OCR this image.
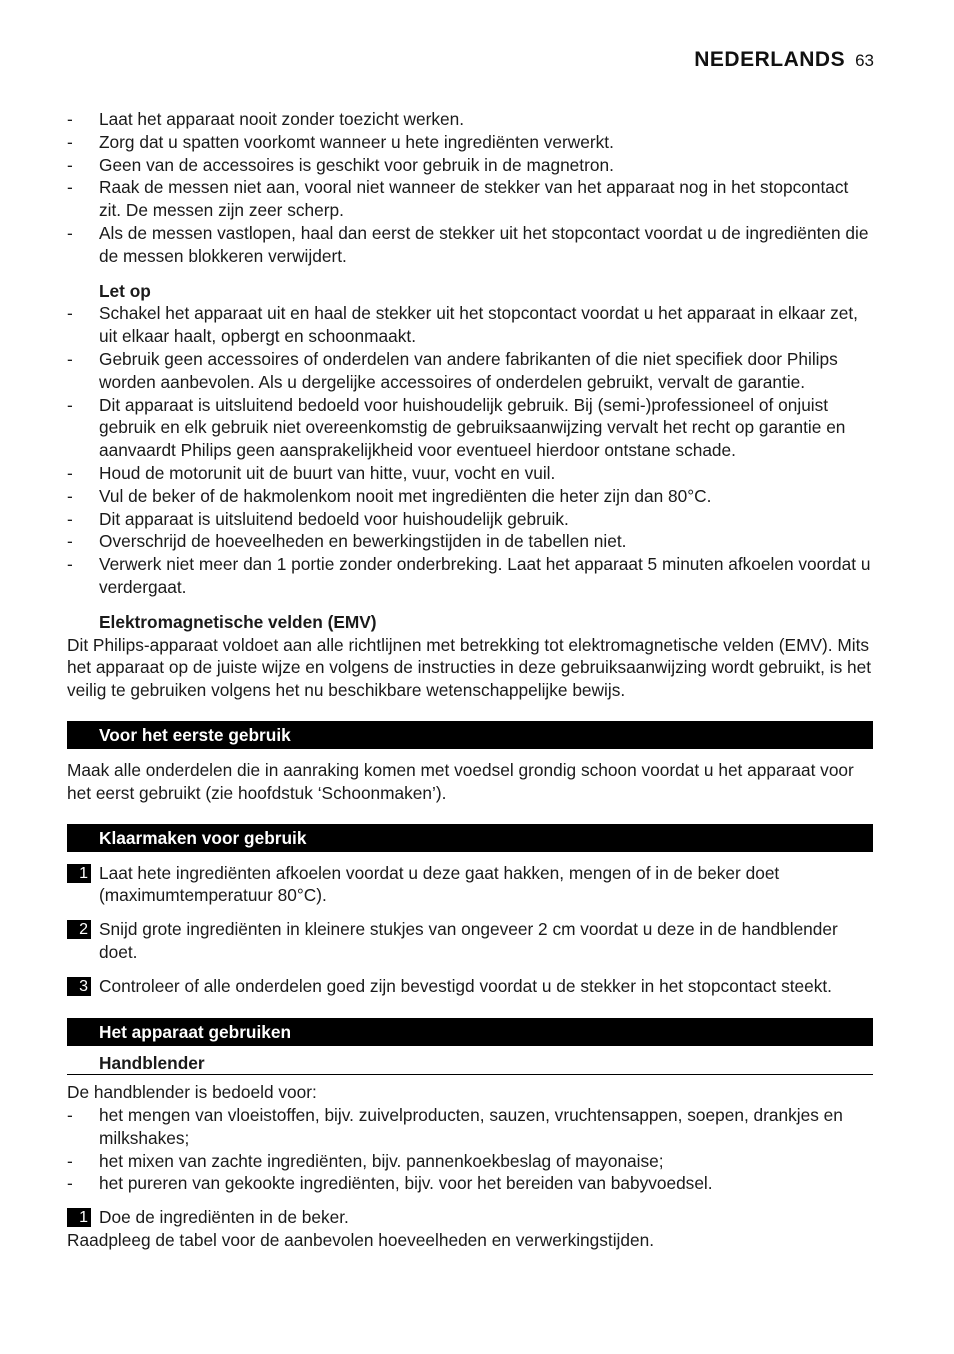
NEDERLANDS 63
- Laat het apparaat nooit zonder toezicht werken.
- Zorg dat u spatten voorkomt wanneer u hete ingrediënten verwerkt.
- Geen van de accessoires is geschikt voor gebruik in de magnetron.
- Raak de messen niet aan, vooral niet wanneer de stekker van het apparaat nog in het stopcontact zit. De messen zijn zeer scherp.
- Als de messen vastlopen, haal dan eerst de stekker uit het stopcontact voordat u de ingrediënten die de messen blokkeren verwijdert.

Let op

- Schakel het apparaat uit en haal de stekker uit het stopcontact voordat u het apparaat in elkaar zet, uit elkaar haalt, opbergt en schoonmaakt.
- Gebruik geen accessoires of onderdelen van andere fabrikanten of die niet specifiek door Philips worden aanbevolen. Als u dergelijke accessoires of onderdelen gebruikt, vervalt de garantie.
- Dit apparaat is uitsluitend bedoeld voor huishoudelijk gebruik. Bij (semi-)professioneel of onjuist gebruik en elk gebruik niet overeenkomstig de gebruiksaanwijzing vervalt het recht op garantie en aanvaardt Philips geen aansprakelijkheid voor eventueel hierdoor ontstane schade.
- Houd de motorunit uit de buurt van hitte, vuur, vocht en vuil.
- Vul de beker of de hakmolenkom nooit met ingrediënten die heter zijn dan 80°C.
- Dit apparaat is uitsluitend bedoeld voor huishoudelijk gebruik.
- Overschrijd de hoeveelheden en bewerkingstijden in de tabellen niet.
- Verwerk niet meer dan 1 portie zonder onderbreking. Laat het apparaat 5 minuten afkoelen voordat u verdergaat.

Elektromagnetische velden (EMV)

Dit Philips-apparaat voldoet aan alle richtlijnen met betrekking tot elektromagnetische velden (EMV). Mits het apparaat op de juiste wijze en volgens de instructies in deze gebruiksaanwijzing wordt gebruikt, is het veilig te gebruiken volgens het nu beschikbare wetenschappelijke bewijs.

Voor het eerste gebruik

Maak alle onderdelen die in aanraking komen met voedsel grondig schoon voordat u het apparaat voor het eerst gebruikt (zie hoofdstuk ‘Schoonmaken’).

Klaarmaken voor gebruik
1 Laat hete ingrediënten afkoelen voordat u deze gaat hakken, mengen of in de beker doet (maximumtemperatuur 80°C).
2 Snijd grote ingrediënten in kleinere stukjes van ongeveer 2 cm voordat u deze in de handblender doet.
3 Controleer of alle onderdelen goed zijn bevestigd voordat u de stekker in het stopcontact steekt.
Het apparaat gebruiken

Handblender

De handblender is bedoeld voor:

- het mengen van vloeistoffen, bijv. zuivelproducten, sauzen, vruchtensappen, soepen, drankjes en milkshakes;
- het mixen van zachte ingrediënten, bijv. pannenkoekbeslag of mayonaise;
- het pureren van gekookte ingrediënten, bijv. voor het bereiden van babyvoedsel.
1 Doe de ingrediënten in de beker.

Raadpleeg de tabel voor de aanbevolen hoeveelheden en verwerkingstijden.
